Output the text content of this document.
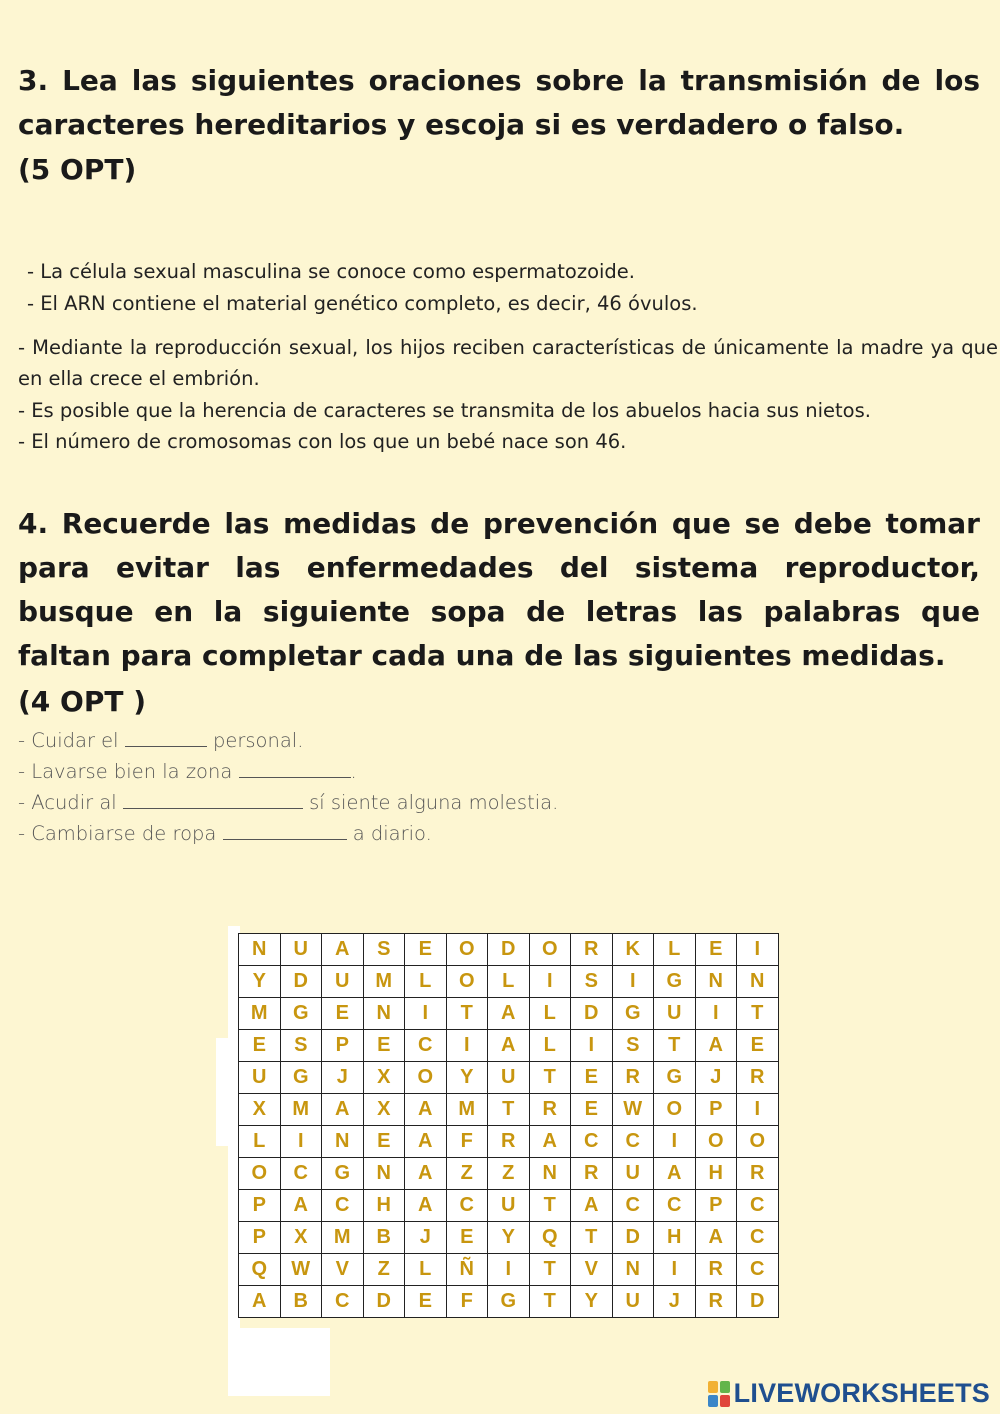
3. Lea las siguientes oraciones sobre la transmisión de los caracteres hereditarios y escoja si es verdadero o falso.

(5 OPT)
- La célula sexual masculina se conoce como espermatozoide.
- El ARN contiene el material genético completo, es decir, 46 óvulos.
- Mediante la reproducción sexual, los hijos reciben características de únicamente la madre ya que en ella crece el embrión.
- Es posible que la herencia de caracteres se transmita de los abuelos hacia sus nietos.
- El número de cromosomas con los que un bebé nace son 46.

4. Recuerde las medidas de prevención que se debe tomar para evitar las enfermedades del sistema reproductor, busque en la siguiente sopa de letras las palabras que faltan para completar cada una de las siguientes medidas.

(4 OPT )
- Cuidar el	personal.
- Lavarse bien la zona	.
- Acudir al	sí siente alguna molestia.
- Cambiarse de ropa	a diario.
N	U	A	S	E	O	D	O	R	K	L	E	I
Y	D	U	M	L	O	L	I	S	I	G	N	N
M	G	E	N	I	T	A	L	D	G	U	I	T
E	S	P	E	C	I	A	L	I	S	T	A	E
U	G	J	X	O	Y	U	T	E	R	G	J	R
X	M	A	X	A	M	T	R	E	W	O	P	I
L	I	N	E	A	F	R	A	C	C	I	O	O
O	C	G	N	A	Z	Z	N	R	U	A	H	R
P	A	C	H	A	C	U	T	A	C	C	P	C
P	X	M	B	J	E	Y	Q	T	D	H	A	C
Q	W	V	Z	L	Ñ	I	T	V	N	I	R	C
A	B	C	D	E	F	G	T	Y	U	J	R	D
LIVEWORKSHEETS
